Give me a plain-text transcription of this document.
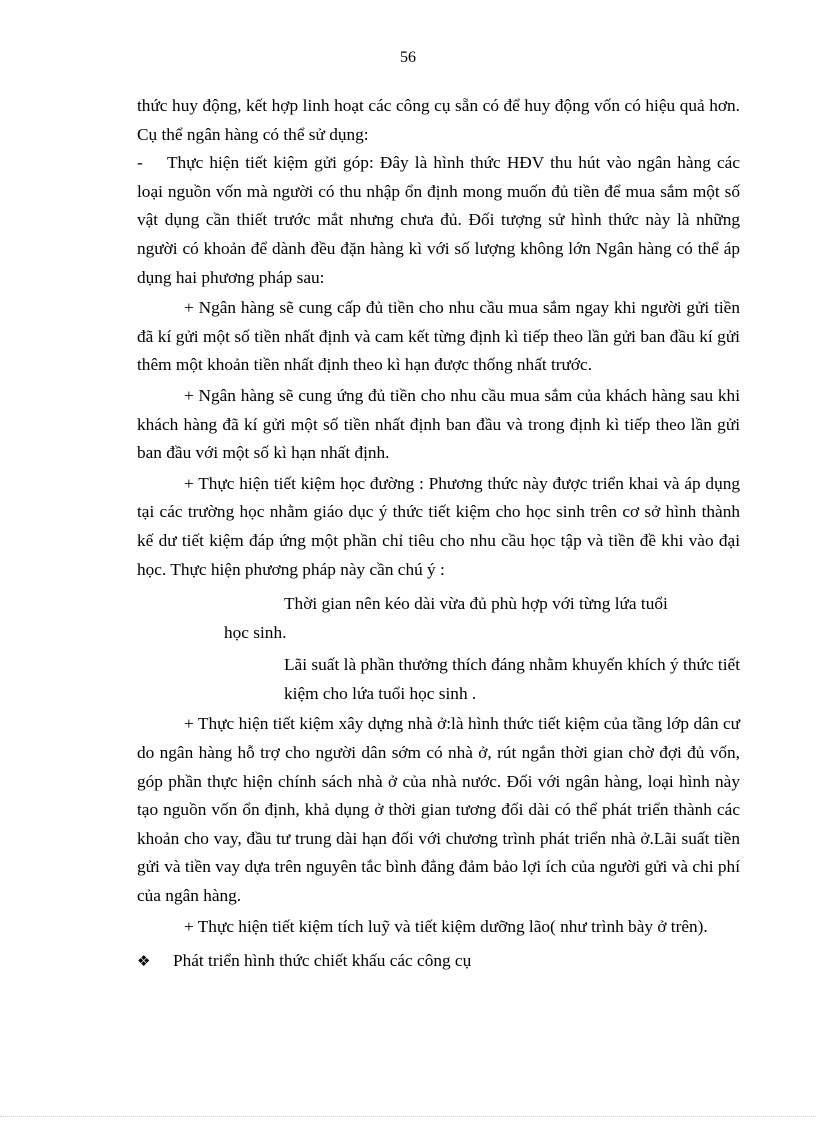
56

thức huy động, kết hợp linh hoạt các công cụ sẵn có để huy động vốn có hiệu quả hơn. Cụ thể ngân hàng có thể sử dụng:

- Thực hiện tiết kiệm gửi góp: Đây là hình thức HĐV thu hút vào ngân hàng các loại nguồn vốn mà người có thu nhập ổn định mong muốn đủ tiền để mua sắm một số vật dụng cần thiết trước mắt nhưng chưa đủ. Đối tượng sử hình thức này là những người có khoản để dành đều đặn hàng kì với số lượng không lớn Ngân hàng có thể áp dụng hai phương pháp sau:

+ Ngân hàng sẽ cung cấp đủ tiền cho nhu cầu mua sắm ngay khi người gửi tiền đã kí gửi một số tiền nhất định và cam kết từng định kì tiếp theo lần gửi ban đầu kí gửi thêm một khoản tiền nhất định theo kì hạn được thống nhất trước.

+ Ngân hàng sẽ cung ứng đủ tiền cho nhu cầu mua sắm của khách hàng sau khi khách hàng đã kí gửi một số tiền nhất định ban đầu và trong định kì tiếp theo lần gửi ban đầu với một số kì hạn nhất định.

+ Thực hiện tiết kiệm học đường : Phương thức này được triển khai và áp dụng tại các trường học nhằm giáo dục ý thức tiết kiệm cho học sinh trên cơ sở hình thành kế dư tiết kiệm đáp ứng một phần chỉ tiêu cho nhu cầu học tập và tiền đề khi vào đại học. Thực hiện phương pháp này cần chú ý :

Thời gian nên kéo dài vừa đủ phù hợp với từng lứa tuổi

học sinh.

Lãi suất là phần thưởng thích đáng nhằm khuyến khích ý thức tiết kiệm cho lứa tuổi học sinh .

+ Thực hiện tiết kiệm xây dựng nhà ở:là hình thức tiết kiệm của tầng lớp dân cư do ngân hàng hỗ trợ cho người dân sớm có nhà ở, rút ngắn thời gian chờ đợi đủ vốn, góp phần thực hiện chính sách nhà ở của nhà nước. Đối với ngân hàng, loại hình này tạo nguồn vốn ổn định, khả dụng ở thời gian tương đối dài có thể phát triển thành các khoản cho vay, đầu tư trung dài hạn đối với chương trình phát triển nhà ở.Lãi suất tiền gửi và tiền vay dựa trên nguyên tắc bình đẳng đảm bảo lợi ích của người gửi và chi phí của ngân hàng.

+ Thực hiện tiết kiệm tích luỹ và tiết kiệm dưỡng lão( như trình bày ở trên).

❖	Phát triển hình thức chiết khấu các công cụ
